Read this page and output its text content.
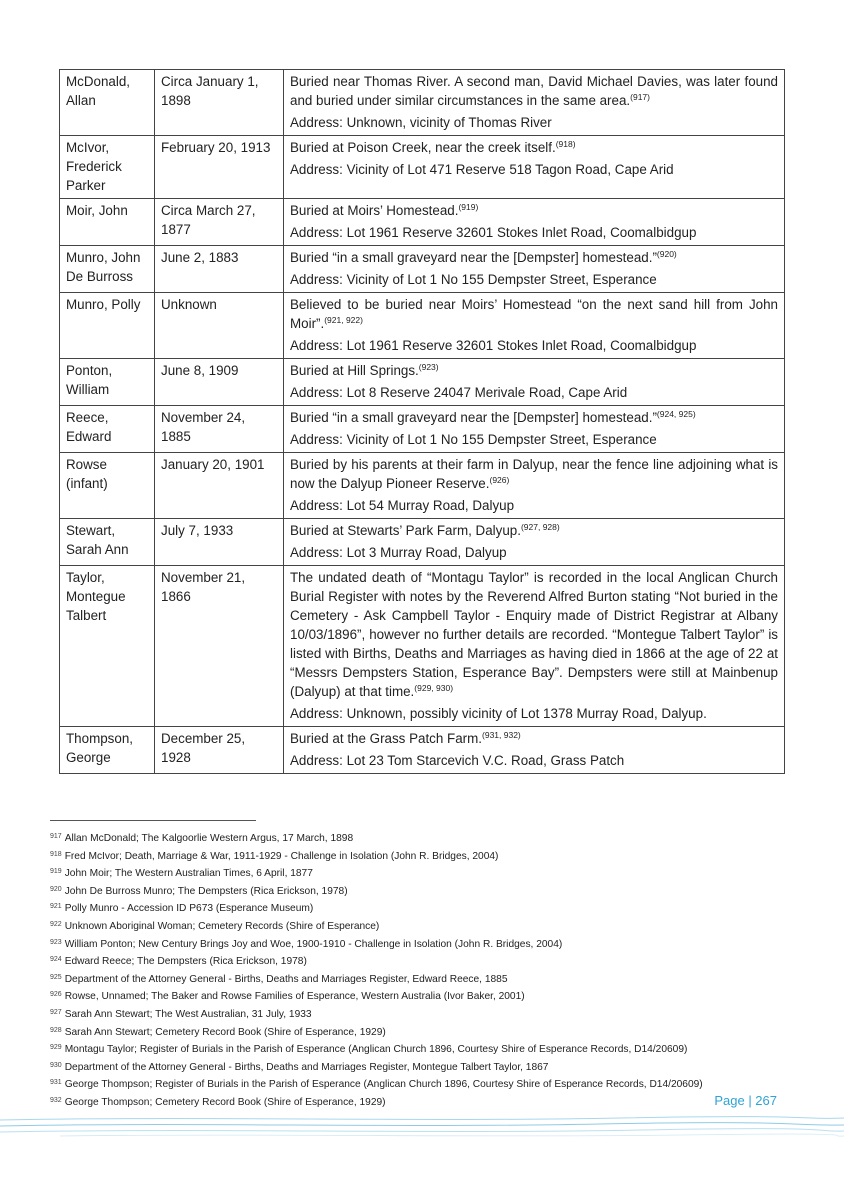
McDonald, Allan	Circa January 1, 1898	Buried near Thomas River. A second man, David Michael Davies, was later found and buried under similar circumstances in the same area.$^{(917)}$
Address: Unknown, vicinity of Thomas River

McIvor, Frederick Parker	February 20, 1913	Buried at Poison Creek, near the creek itself.$^{(918)}$
Address: Vicinity of Lot 471 Reserve 518 Tagon Road, Cape Arid

Moir, John	Circa March 27, 1877	Buried at Moirs’ Homestead.$^{(919)}$
Address: Lot 1961 Reserve 32601 Stokes Inlet Road, Coomalbidgup

Munro, John De Burross	June 2, 1883	Buried “in a small graveyard near the [Dempster] homestead.”$^{(920)}$
Address: Vicinity of Lot 1 No 155 Dempster Street, Esperance

Munro, Polly	Unknown	Believed to be buried near Moirs’ Homestead “on the next sand hill from John Moir”.$^{(921, 922)}$
Address: Lot 1961 Reserve 32601 Stokes Inlet Road, Coomalbidgup

Ponton, William	June 8, 1909	Buried at Hill Springs.$^{(923)}$
Address: Lot 8 Reserve 24047 Merivale Road, Cape Arid

Reece, Edward	November 24, 1885	Buried “in a small graveyard near the [Dempster] homestead.”$^{(924, 925)}$
Address: Vicinity of Lot 1 No 155 Dempster Street, Esperance

Rowse (infant)	January 20, 1901	Buried by his parents at their farm in Dalyup, near the fence line adjoining what is now the Dalyup Pioneer Reserve.$^{(926)}$
Address: Lot 54 Murray Road, Dalyup

Stewart, Sarah Ann	July 7, 1933	Buried at Stewarts’ Park Farm, Dalyup.$^{(927, 928)}$
Address: Lot 3 Murray Road, Dalyup

Taylor, Montegue Talbert	November 21, 1866	The undated death of “Montagu Taylor” is recorded in the local Anglican Church Burial Register with notes by the Reverend Alfred Burton stating “Not buried in the Cemetery - Ask Campbell Taylor - Enquiry made of District Registrar at Albany 10/03/1896”, however no further details are recorded. “Montegue Talbert Taylor” is listed with Births, Deaths and Marriages as having died in 1866 at the age of 22 at “Messrs Dempsters Station, Esperance Bay”. Dempsters were still at Mainbenup (Dalyup) at that time.$^{(929, 930)}$
Address: Unknown, possibly vicinity of Lot 1378 Murray Road, Dalyup.

Thompson, George	December 25, 1928	Buried at the Grass Patch Farm.$^{(931, 932)}$
Address: Lot 23 Tom Starcevich V.C. Road, Grass Patch
$^{917}$ Allan McDonald; The Kalgoorlie Western Argus, 17 March, 1898
$^{918}$ Fred McIvor; Death, Marriage & War, 1911-1929 - Challenge in Isolation (John R. Bridges, 2004)
$^{919}$ John Moir; The Western Australian Times, 6 April, 1877
$^{920}$ John De Burross Munro; The Dempsters (Rica Erickson, 1978)
$^{921}$ Polly Munro - Accession ID P673 (Esperance Museum)
$^{922}$ Unknown Aboriginal Woman; Cemetery Records (Shire of Esperance)
$^{923}$ William Ponton; New Century Brings Joy and Woe, 1900-1910 - Challenge in Isolation (John R. Bridges, 2004)
$^{924}$ Edward Reece; The Dempsters (Rica Erickson, 1978)
$^{925}$ Department of the Attorney General - Births, Deaths and Marriages Register, Edward Reece, 1885
$^{926}$ Rowse, Unnamed; The Baker and Rowse Families of Esperance, Western Australia (Ivor Baker, 2001)
$^{927}$ Sarah Ann Stewart; The West Australian, 31 July, 1933
$^{928}$ Sarah Ann Stewart; Cemetery Record Book (Shire of Esperance, 1929)
$^{929}$ Montagu Taylor; Register of Burials in the Parish of Esperance (Anglican Church 1896, Courtesy Shire of Esperance Records, D14/20609)
$^{930}$ Department of the Attorney General - Births, Deaths and Marriages Register, Montegue Talbert Taylor, 1867
$^{931}$ George Thompson; Register of Burials in the Parish of Esperance (Anglican Church 1896, Courtesy Shire of Esperance Records, D14/20609)
$^{932}$ George Thompson; Cemetery Record Book (Shire of Esperance, 1929)	Page | 267
